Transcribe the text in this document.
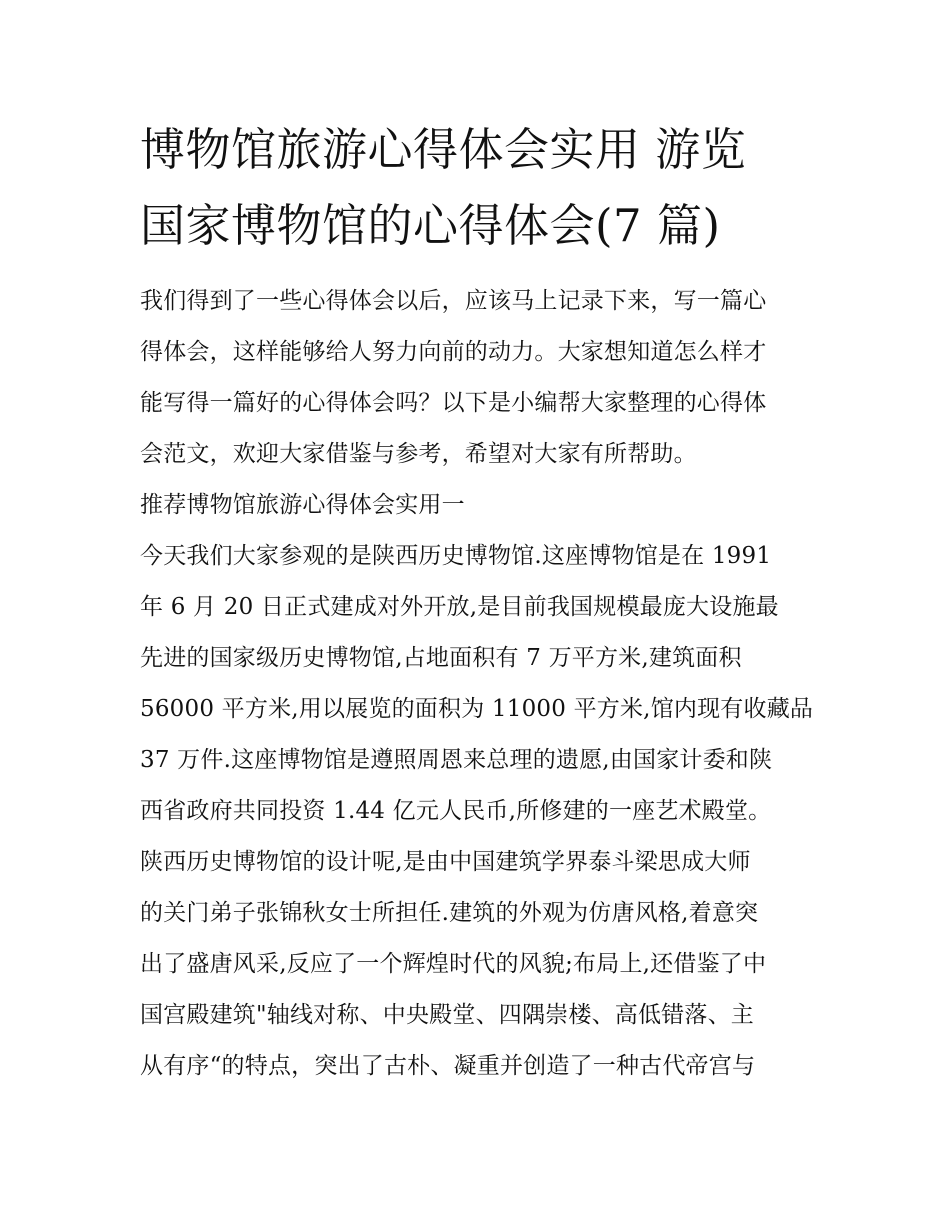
博物馆旅游心得体会实用 游览
国家博物馆的心得体会(7 篇)
我们得到了一些心得体会以后，应该马上记录下来，写一篇心
得体会，这样能够给人努力向前的动力。大家想知道怎么样才
能写得一篇好的心得体会吗？以下是小编帮大家整理的心得体
会范文，欢迎大家借鉴与参考，希望对大家有所帮助。
推荐博物馆旅游心得体会实用一
今天我们大家参观的是陕西历史博物馆.这座博物馆是在 1991
年 6 月 20 日正式建成对外开放,是目前我国规模最庞大设施最
先进的国家级历史博物馆,占地面积有 7 万平方米,建筑面积
56000 平方米,用以展览的面积为 11000 平方米,馆内现有收藏品
37 万件.这座博物馆是遵照周恩来总理的遗愿,由国家计委和陕
西省政府共同投资 1.44 亿元人民币,所修建的一座艺术殿堂。
陕西历史博物馆的设计呢,是由中国建筑学界泰斗梁思成大师
的关门弟子张锦秋女士所担任.建筑的外观为仿唐风格,着意突
出了盛唐风采,反应了一个辉煌时代的风貌;布局上,还借鉴了中
国宫殿建筑"轴线对称、中央殿堂、四隅崇楼、高低错落、主
从有序“的特点，突出了古朴、凝重并创造了一种古代帝宫与
